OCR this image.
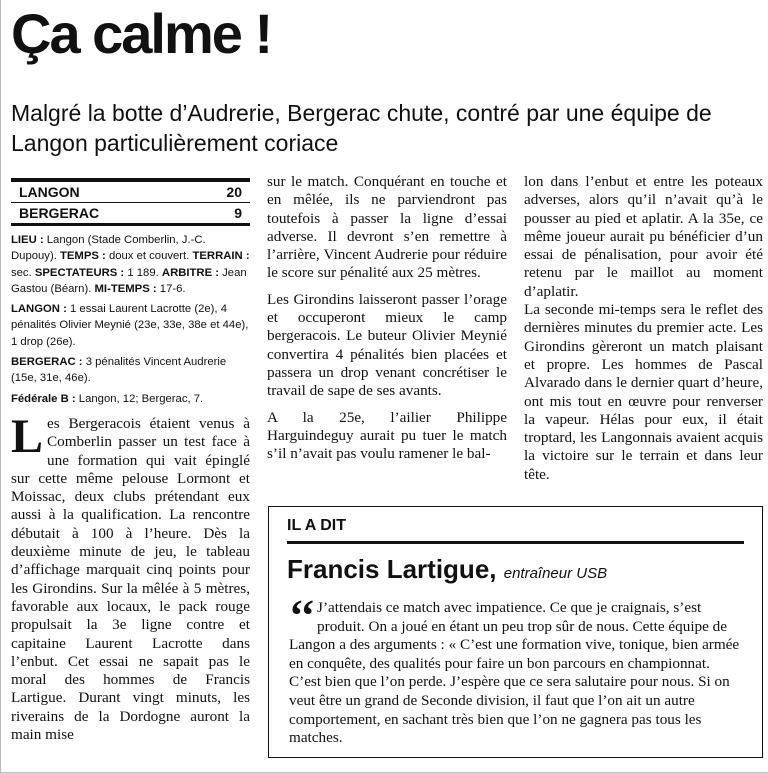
Ça calme !
Malgré la botte d’Audrerie, Bergerac chute, contré par une équipe de Langon particulièrement coriace
LANGON	20
BERGERAC	9

LIEU : Langon (Stade Comberlin, J.-C. Dupouy). TEMPS : doux et couvert. TERRAIN : sec. SPECTATEURS : 1 189. ARBITRE : Jean Gastou (Béarn). MI-TEMPS : 17-6.

LANGON : 1 essai Laurent Lacrotte (2e), 4 pénalités Olivier Meynié (23e, 33e, 38e et 44e), 1 drop (26e).

BERGERAC : 3 pénalités Vincent Audrerie (15e, 31e, 46e).

Fédérale B : Langon, 12; Bergerac, 7.

Les Bergeracois étaient venus à Comberlin passer un test face à une formation qui vait épinglé sur cette même pelouse Lormont et Moissac, deux clubs prétendant eux aussi à la qualification. La rencontre débutait à 100 à l’heure. Dès la deuxième minute de jeu, le tableau d’affichage marquait cinq points pour les Girondins. Sur la mêlée à 5 mètres, favorable aux locaux, le pack rouge propulsait la 3e ligne contre et capitaine Laurent Lacrotte dans l’enbut. Cet essai ne sapait pas le moral des hommes de Francis Lartigue. Durant vingt minuts, les riverains de la Dordogne auront la main mise

sur le match. Conquérant en touche et en mêlée, ils ne parviendront pas toutefois à passer la ligne d’essai adverse. Il devront s’en remettre à l’arrière, Vincent Audrerie pour réduire le score sur pénalité aux 25 mètres.

Les Girondins laisseront passer l’orage et occuperont mieux le camp bergeracois. Le buteur Olivier Meynié convertira 4 pénalités bien placées et passera un drop venant concrétiser le travail de sape de ses avants.

A la 25e, l’ailier Philippe Harguindeguy aurait pu tuer le match s’il n’avait pas voulu ramener le bal-

lon dans l’enbut et entre les poteaux adverses, alors qu’il n’avait qu’à le pousser au pied et aplatir. A la 35e, ce même joueur aurait pu bénéficier d’un essai de pénalisation, pour avoir été retenu par le maillot au moment d’aplatir.

La seconde mi-temps sera le reflet des dernières minutes du premier acte. Les Girondins gèreront un match plaisant et propre. Les hommes de Pascal Alvarado dans le dernier quart d’heure, ont mis tout en œuvre pour renverser la vapeur. Hélas pour eux, il était troptard, les Langonnais avaient acquis la victoire sur le terrain et dans leur tête.

IL A DIT
Francis Lartigue, entraîneur USB
‘‘ J’attendais ce match avec impatience. Ce que je craignais, s’est produit. On a joué en étant un peu trop sûr de nous. Cette équipe de Langon a des arguments : « C’est une formation vive, tonique, bien armée en conquête, des qualités pour faire un bon parcours en championnat. C’est bien que l’on perde. J’espère que ce sera salutaire pour nous. Si on veut être un grand de Seconde division, il faut que l’on ait un autre comportement, en sachant très bien que l’on ne gagnera pas tous les matches.
